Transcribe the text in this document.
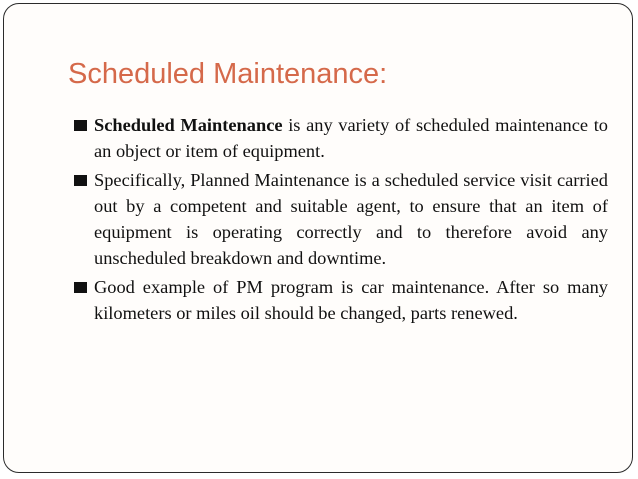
Scheduled Maintenance:
Scheduled Maintenance is any variety of scheduled maintenance to an object or item of equipment.
Specifically, Planned Maintenance is a scheduled service visit carried out by a competent and suitable agent, to ensure that an item of equipment is operating correctly and to therefore avoid any unscheduled breakdown and downtime.
Good example of PM program is car maintenance. After so many kilometers or miles oil should be changed, parts renewed.
